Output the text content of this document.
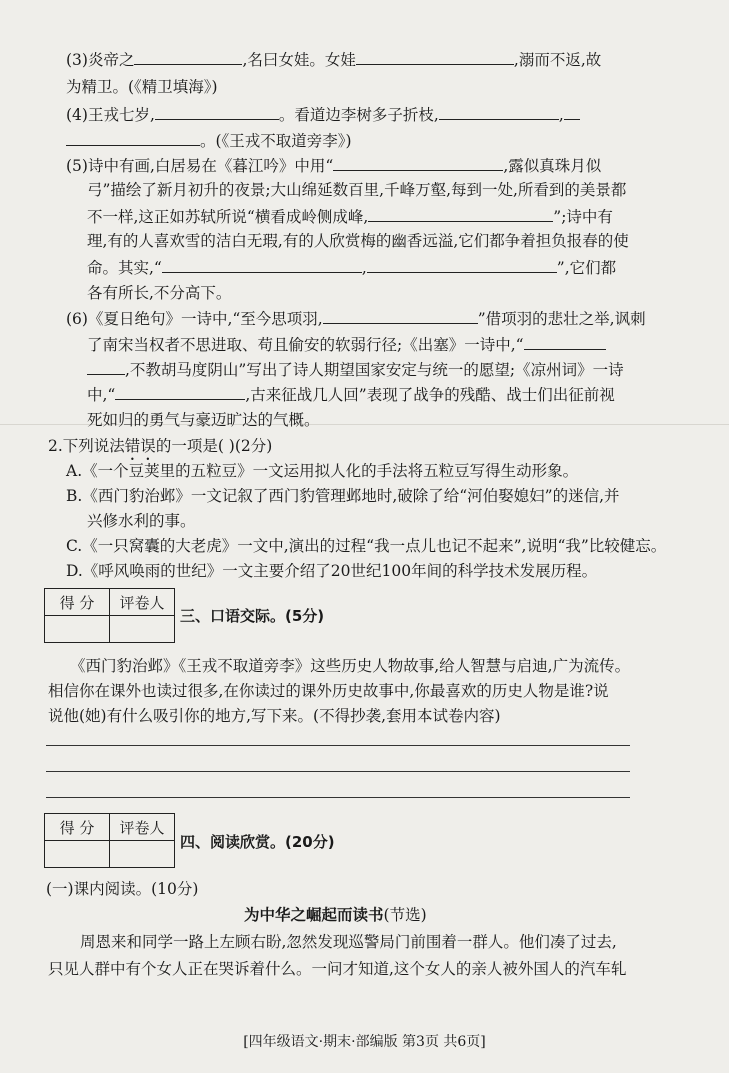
(3)炎帝之	,名曰女娃。女娃	,溺而不返,故
为精卫。(《精卫填海》)
(4)王戎七岁,	。看道边李树多子折枝,	,
。(《王戎不取道旁李》)
(5)诗中有画,白居易在《暮江吟》中用“	,露似真珠月似
弓”描绘了新月初升的夜景;大山绵延数百里,千峰万壑,每到一处,所看到的美景都
不一样,这正如苏轼所说“横看成岭侧成峰,	”;诗中有
理,有的人喜欢雪的洁白无瑕,有的人欣赏梅的幽香远溢,它们都争着担负报春的使
命。其实,“	,	”,它们都
各有所长,不分高下。
(6)《夏日绝句》一诗中,“至今思项羽,	”借项羽的悲壮之举,讽刺
了南宋当权者不思进取、苟且偷安的软弱行径;《出塞》一诗中,“
,不教胡马度阴山”写出了诗人期望国家安定与统一的愿望;《凉州词》一诗
中,“	,古来征战几人回”表现了战争的残酷、战士们出征前视
死如归的勇气与豪迈旷达的气概。
2.下列说法错误的一项是( )(2分)
A.《一个豆荚里的五粒豆》一文运用拟人化的手法将五粒豆写得生动形象。
B.《西门豹治邺》一文记叙了西门豹管理邺地时,破除了给“河伯娶媳妇”的迷信,并
兴修水利的事。
C.《一只窝囊的大老虎》一文中,演出的过程“我一点儿也记不起来”,说明“我”比较健忘。
D.《呼风唤雨的世纪》一文主要介绍了20世纪100年间的科学技术发展历程。
得 分	评卷人

三、口语交际。(5分)
《西门豹治邺》《王戎不取道旁李》这些历史人物故事,给人智慧与启迪,广为流传。
相信你在课外也读过很多,在你读过的课外历史故事中,你最喜欢的历史人物是谁?说
说他(她)有什么吸引你的地方,写下来。(不得抄袭,套用本试卷内容)
得 分	评卷人

四、阅读欣赏。(20分)
(一)课内阅读。(10分)
为中华之崛起而读书(节选)
周恩来和同学一路上左顾右盼,忽然发现巡警局门前围着一群人。他们凑了过去,
只见人群中有个女人正在哭诉着什么。一问才知道,这个女人的亲人被外国人的汽车轧
[四年级语文·期末·部编版 第3页 共6页]
